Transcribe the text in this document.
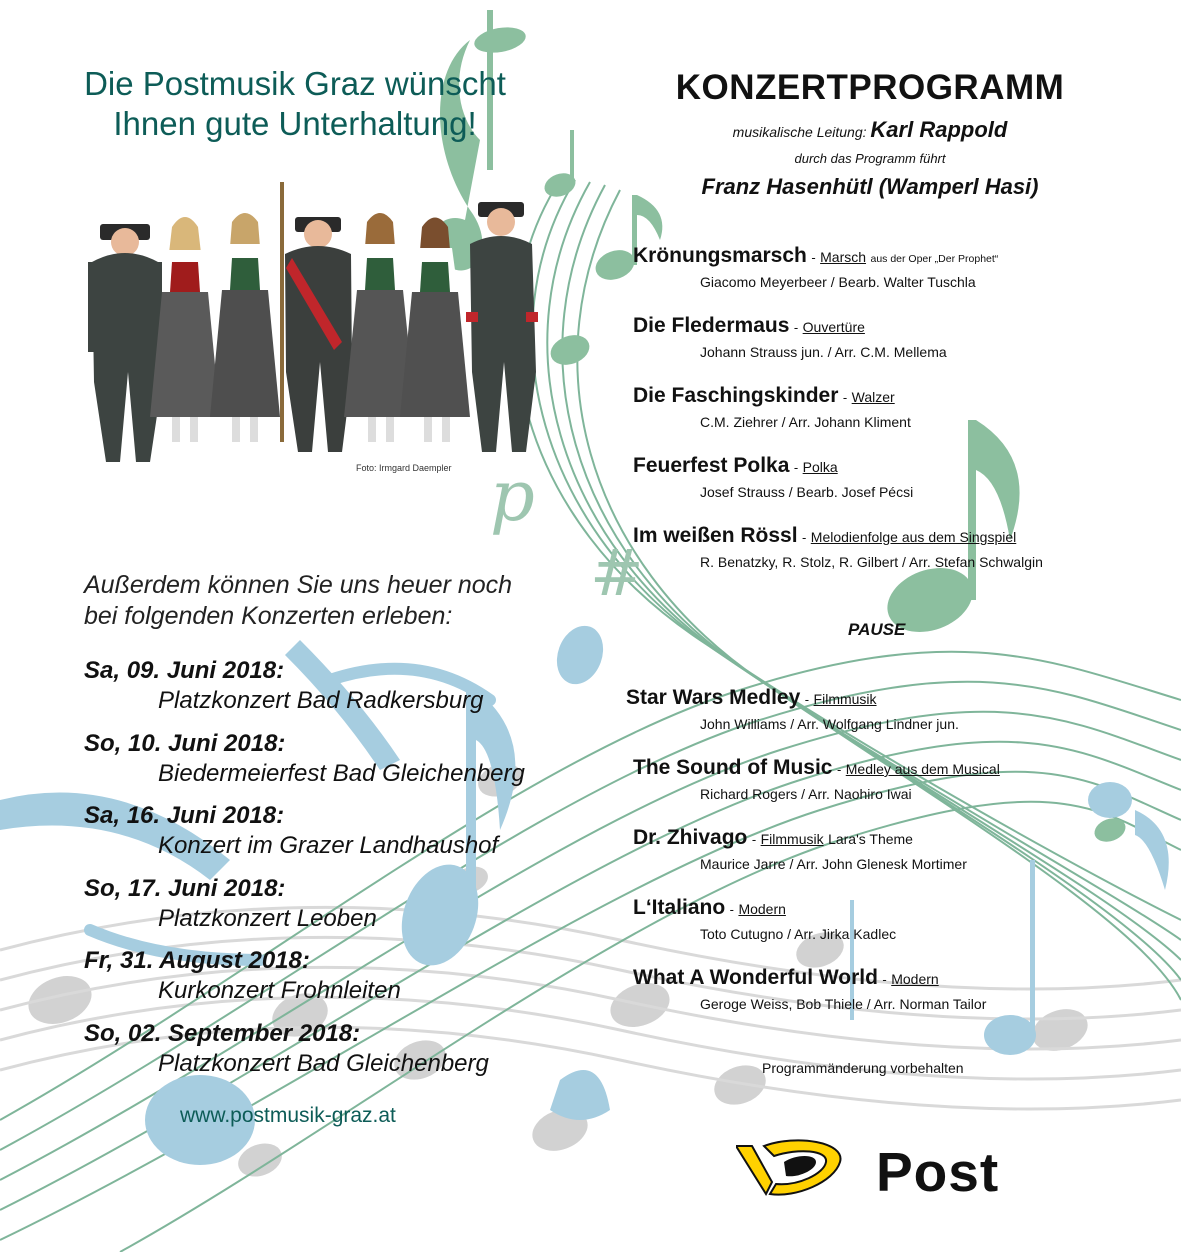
p
#
Die Postmusik Graz wünscht
Ihnen gute Unterhaltung!
Foto: Irmgard Daempler
Außerdem können Sie uns heuer noch
bei folgenden Konzerten erleben:
Sa, 09. Juni 2018:
Platzkonzert Bad Radkersburg
So, 10. Juni 2018:
Biedermeierfest Bad Gleichenberg
Sa, 16. Juni 2018:
Konzert im Grazer Landhaushof
So, 17. Juni 2018:
Platzkonzert Leoben
Fr, 31. August 2018:
Kurkonzert Frohnleiten
So, 02. September 2018:
Platzkonzert Bad Gleichenberg
www.postmusik-graz.at
KONZERTPROGRAMM
musikalische Leitung: Karl Rappold
durch das Programm führt
Franz Hasenhütl (Wamperl Hasi)
Krönungsmarsch - Marsch aus der Oper „Der Prophet“
Giacomo Meyerbeer / Bearb. Walter Tuschla
Die Fledermaus - Ouvertüre
Johann Strauss jun. / Arr. C.M. Mellema
Die Faschingskinder - Walzer
C.M. Ziehrer / Arr. Johann Kliment
Feuerfest Polka - Polka
Josef Strauss / Bearb. Josef Pécsi
Im weißen Rössl - Melodienfolge aus dem Singspiel
R. Benatzky, R. Stolz, R. Gilbert / Arr. Stefan Schwalgin
PAUSE
Star Wars Medley - Filmmusik
John Williams / Arr. Wolfgang Lindner jun.
The Sound of Music - Medley aus dem Musical
Richard Rogers / Arr. Naohiro Iwai
Dr. Zhivago - Filmmusik Lara's Theme
Maurice Jarre / Arr. John Glenesk Mortimer
L‘Italiano - Modern
Toto Cutugno / Arr. Jirka Kadlec
What A Wonderful World - Modern
Geroge Weiss, Bob Thiele / Arr. Norman Tailor
Programmänderung vorbehalten
Post
